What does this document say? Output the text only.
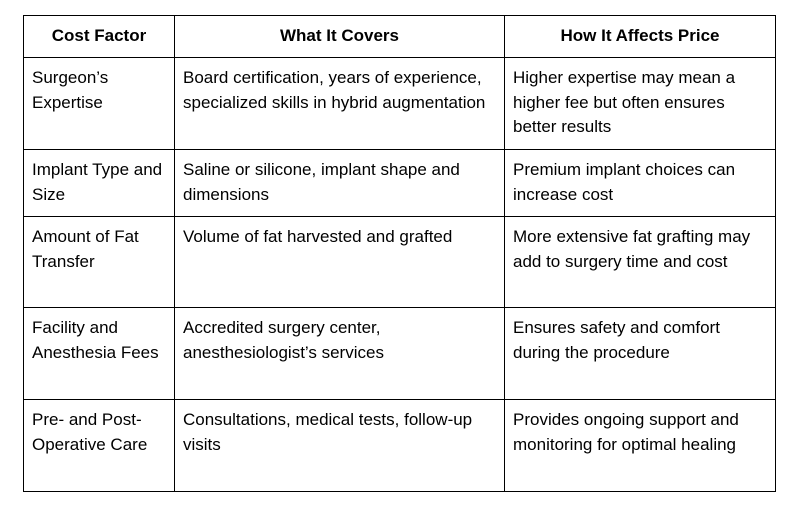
Cost Factor	What It Covers	How It Affects Price
Surgeon’s Expertise	Board certification, years of experience, specialized skills in hybrid augmentation	Higher expertise may mean a higher fee but often ensures better results
Implant Type and Size	Saline or silicone, implant shape and dimensions	Premium implant choices can increase cost
Amount of Fat Transfer	Volume of fat harvested and grafted	More extensive fat grafting may add to surgery time and cost
Facility and Anesthesia Fees	Accredited surgery center, anesthesiologist’s services	Ensures safety and comfort during the procedure
Pre- and Post-Operative Care	Consultations, medical tests, follow-up visits	Provides ongoing support and monitoring for optimal healing
